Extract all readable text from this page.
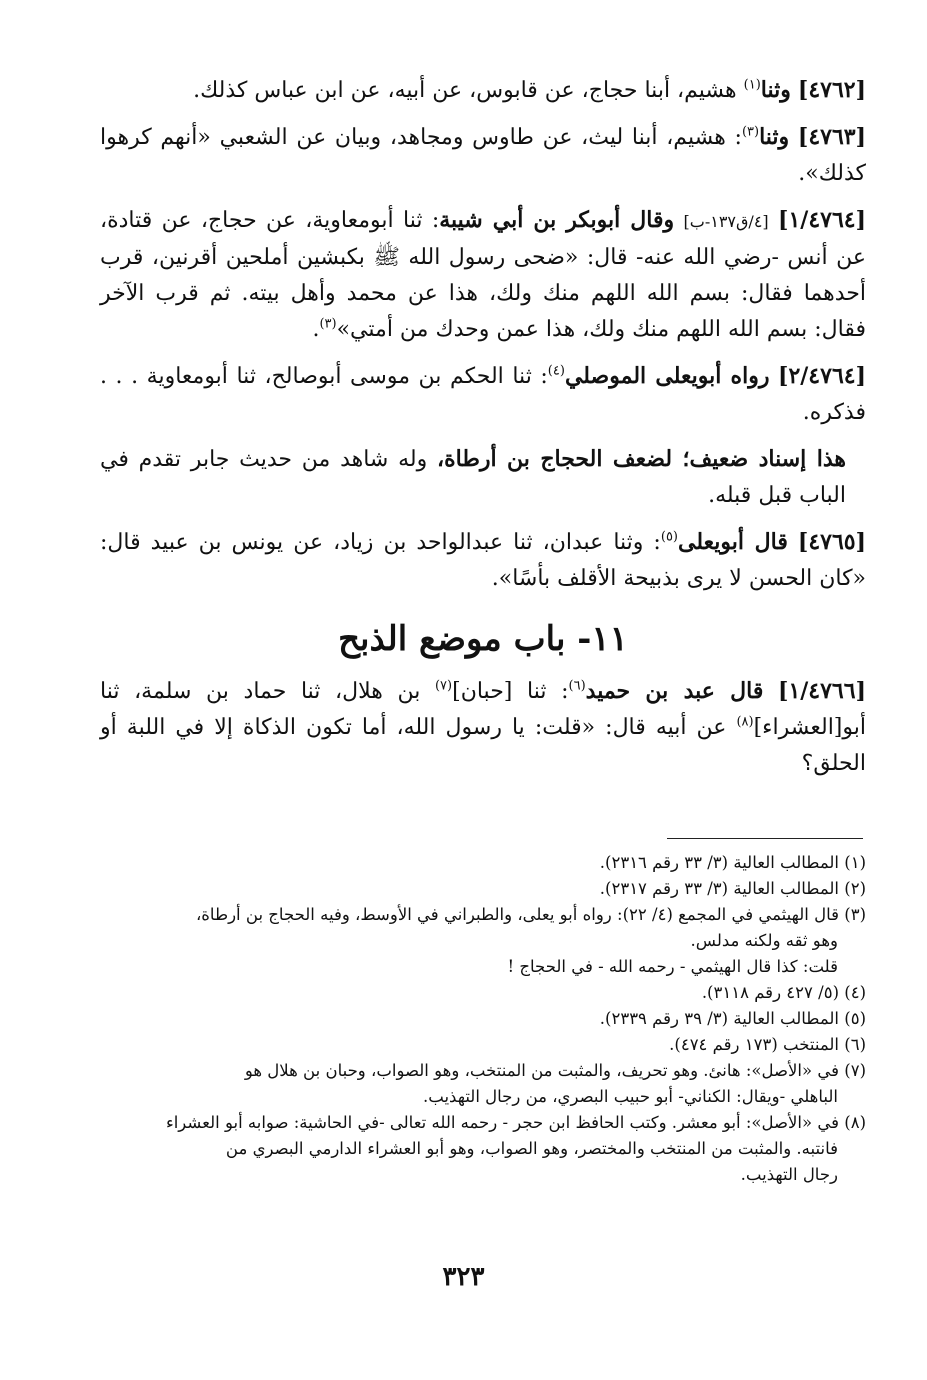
[٤٧٦٢] وثنا$^{(١)}$ هشيم، أبنا حجاج، عن قابوس، عن أبيه، عن ابن عباس كذلك.

[٤٧٦٣] وثنا$^{(٣)}$: هشيم، أبنا ليث، عن طاوس ومجاهد، وبيان عن الشعبي «أنهم كرهوا كذلك».

[١/٤٧٦٤] [٤/ق١٣٧-ب] وقال أبوبكر بن أبي شيبة: ثنا أبومعاوية، عن حجاج، عن قتادة، عن أنس -رضي الله عنه- قال: «ضحى رسول الله ﷺ بكبشين أملحين أقرنين، قرب أحدهما فقال: بسم الله اللهم منك ولك، هذا عن محمد وأهل بيته. ثم قرب الآخر فقال: بسم الله اللهم منك ولك، هذا عمن وحدك من أمتي»$^{(٣)}$.

[٢/٤٧٦٤] رواه أبويعلى الموصلي$^{(٤)}$: ثنا الحكم بن موسى أبوصالح، ثنا أبومعاوية . . . فذكره.

هذا إسناد ضعيف؛ لضعف الحجاج بن أرطاة، وله شاهد من حديث جابر تقدم في الباب قبل قبله.

[٤٧٦٥] قال أبويعلى$^{(٥)}$: وثنا عبدان، ثنا عبدالواحد بن زياد، عن يونس بن عبيد قال: «كان الحسن لا يرى بذبيحة الأقلف بأسًا».

١١- باب موضع الذبح

[١/٤٧٦٦] قال عبد بن حميد$^{(٦)}$: ثنا [حبان]$^{(٧)}$ بن هلال، ثنا حماد بن سلمة، ثنا أبو[العشراء]$^{(٨)}$ عن أبيه قال: «قلت: يا رسول الله، أما تكون الذكاة إلا في اللبة أو الحلق؟

(١) المطالب العالية (٣/ ٣٣ رقم ٢٣١٦).

(٢) المطالب العالية (٣/ ٣٣ رقم ٢٣١٧).

(٣) قال الهيثمي في المجمع (٤/ ٢٢): رواه أبو يعلى، والطبراني في الأوسط، وفيه الحجاج بن أرطاة،
وهو ثقه ولكنه مدلس.
قلت: كذا قال الهيثمي - رحمه الله - في الحجاج !

(٤) (٥/ ٤٢٧ رقم ٣١١٨).

(٥) المطالب العالية (٣/ ٣٩ رقم ٢٣٣٩).

(٦) المنتخب (١٧٣ رقم ٤٧٤).

(٧) في «الأصل»: هانئ. وهو تحريف، والمثبت من المنتخب، وهو الصواب، وحبان بن هلال هو
الباهلي -ويقال: الكناني- أبو حبيب البصري، من رجال التهذيب.

(٨) في «الأصل»: أبو معشر. وكتب الحافظ ابن حجر - رحمه الله تعالى -في الحاشية: صوابه أبو العشراء
فانتبه. والمثبت من المنتخب والمختصر، وهو الصواب، وهو أبو العشراء الدارمي البصري من
رجال التهذيب.

٣٢٣
